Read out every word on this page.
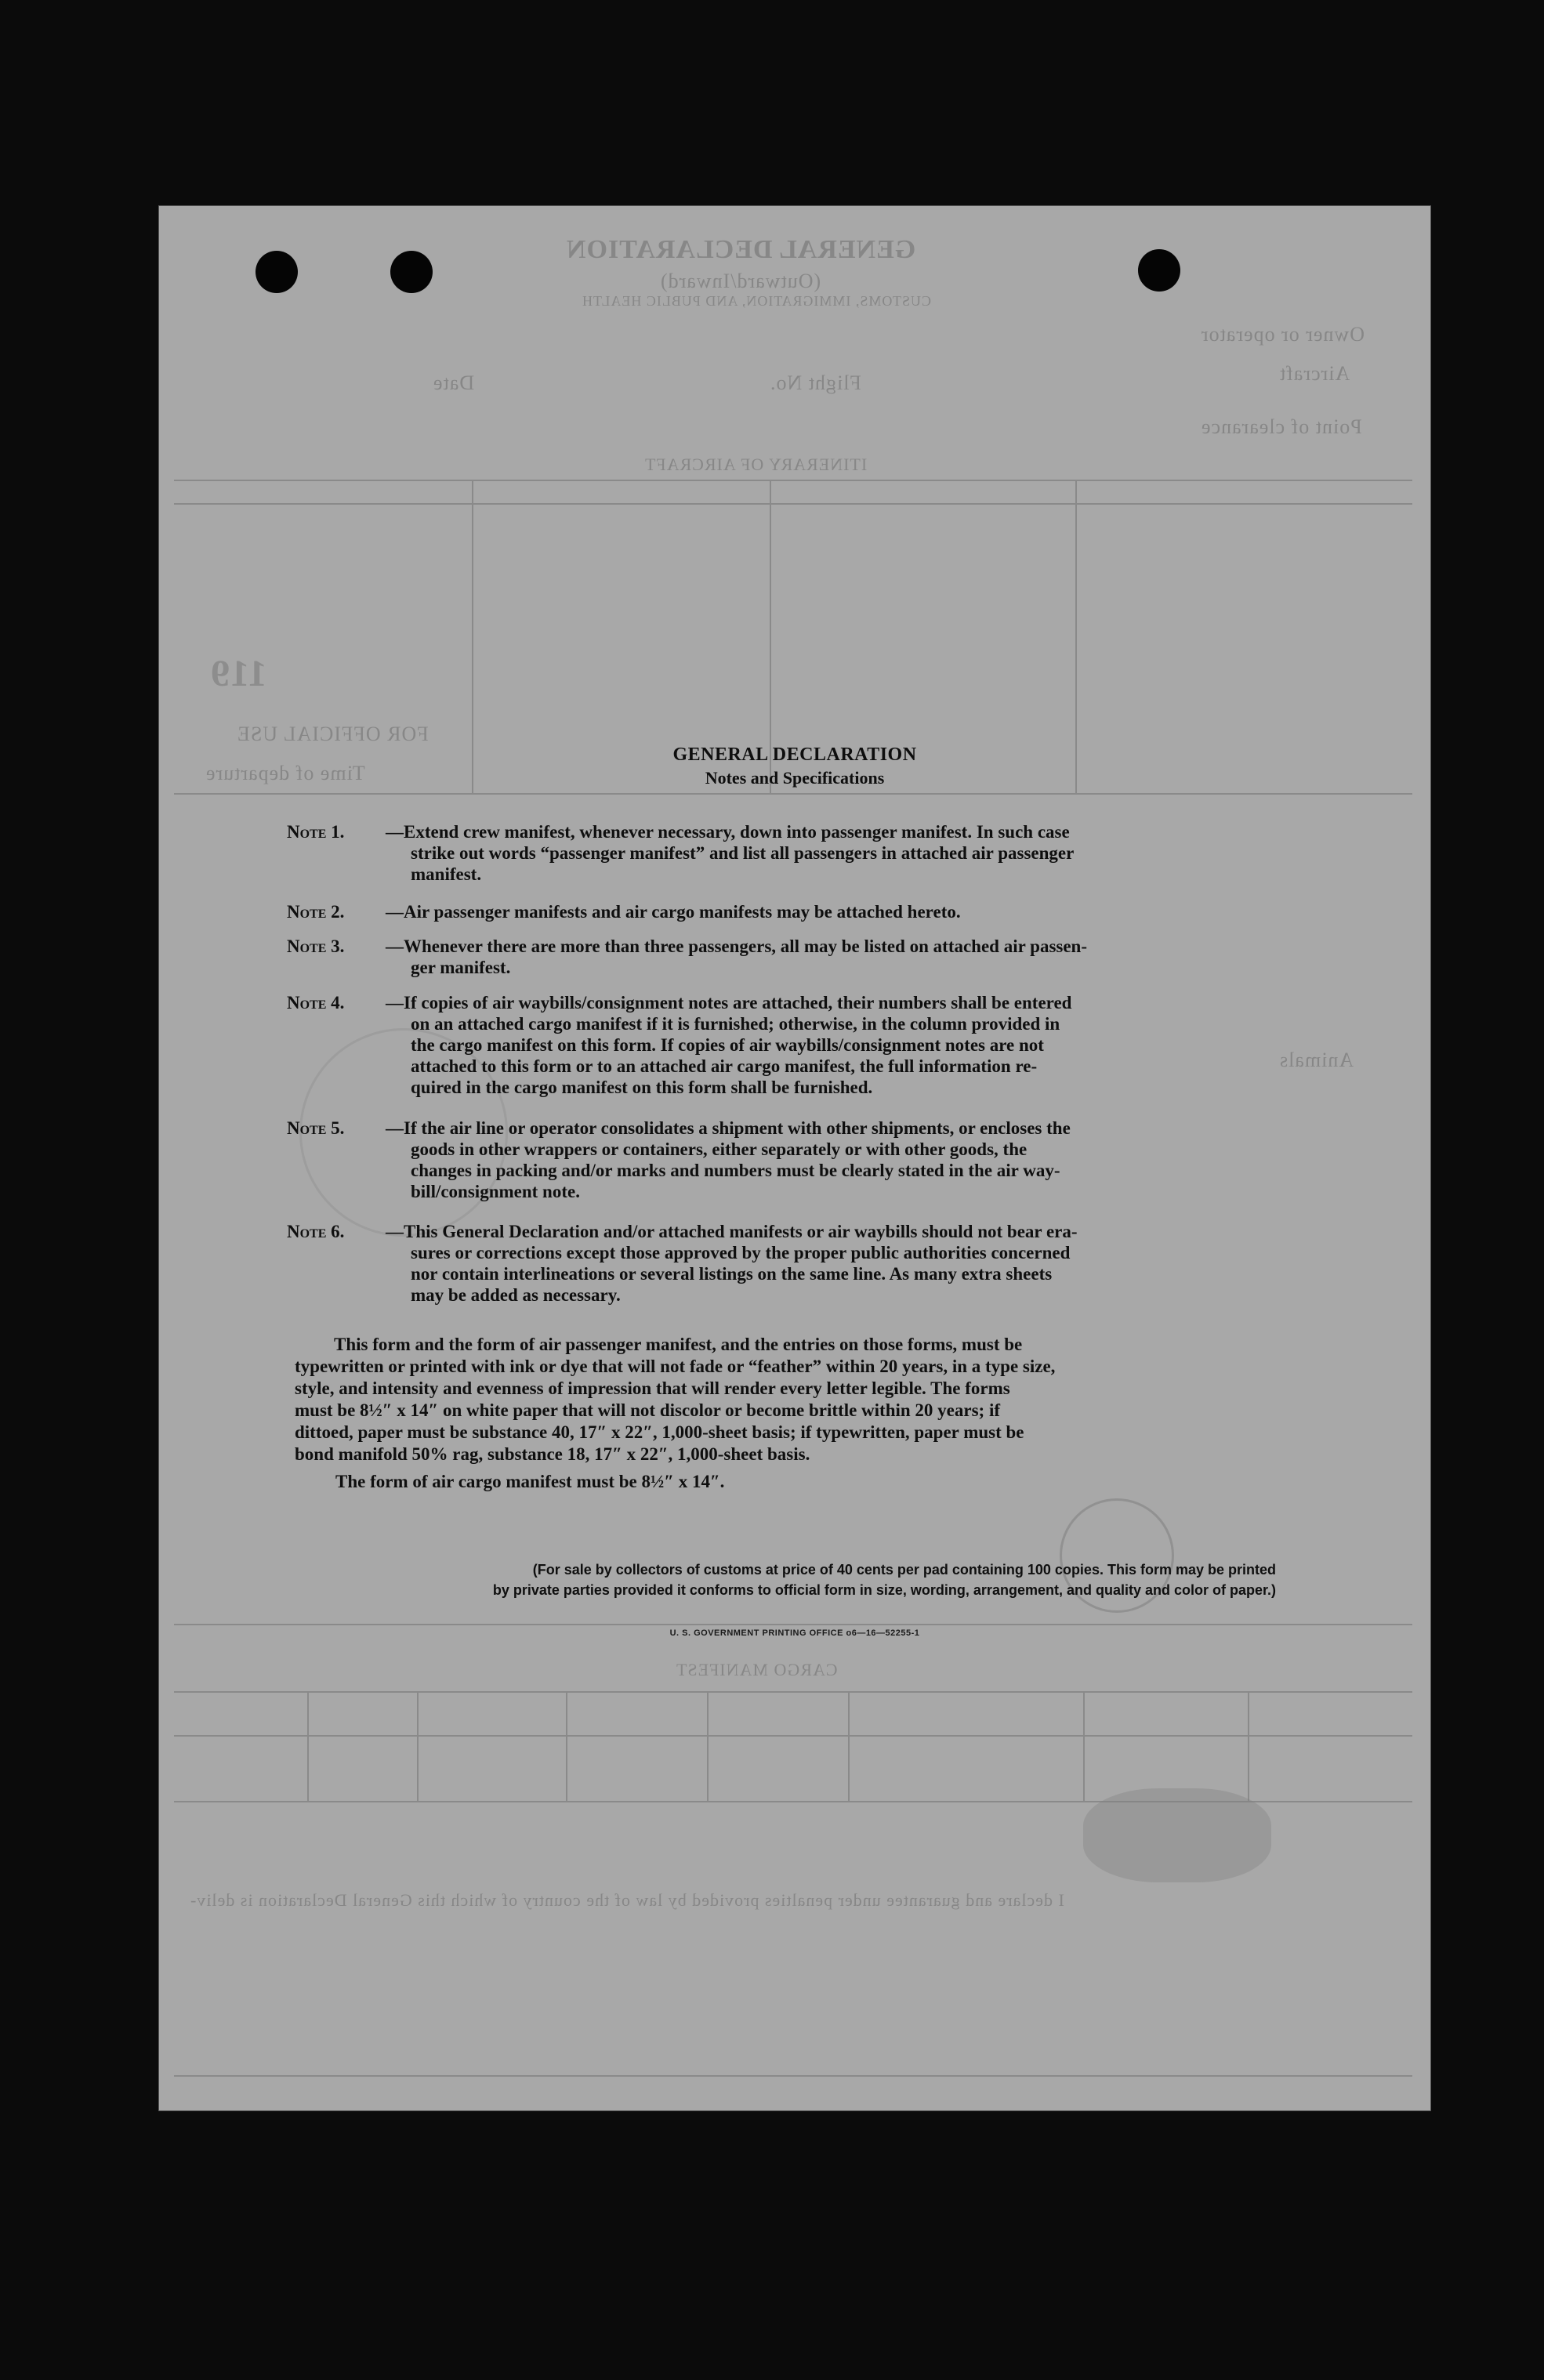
GENERAL DECLARATION
(Outward/Inward)
CUSTOMS, IMMIGRATION, AND PUBLIC HEALTH
Owner or operator
Aircraft
Flight No.
Date
Point of clearance
ITINERARY OF AIRCRAFT
119
FOR OFFICIAL USE
Time of departure
Animals
CARGO MANIFEST
I declare and guarantee under penalties provided by law of the country of which this General Declaration is deliv-
GENERAL DECLARATION
Notes and Specifications
Note 1. —Extend crew manifest, whenever necessary, down into passenger manifest. In such case
strike out words “passenger manifest” and list all passengers in attached air passenger
manifest.
Note 2. —Air passenger manifests and air cargo manifests may be attached hereto.
Note 3. —Whenever there are more than three passengers, all may be listed on attached air passen-
ger manifest.
Note 4. —If copies of air waybills/consignment notes are attached, their numbers shall be entered
on an attached cargo manifest if it is furnished; otherwise, in the column provided in
the cargo manifest on this form. If copies of air waybills/consignment notes are not
attached to this form or to an attached air cargo manifest, the full information re-
quired in the cargo manifest on this form shall be furnished.
Note 5. —If the air line or operator consolidates a shipment with other shipments, or encloses the
goods in other wrappers or containers, either separately or with other goods, the
changes in packing and/or marks and numbers must be clearly stated in the air way-
bill/consignment note.
Note 6. —This General Declaration and/or attached manifests or air waybills should not bear era-
sures or corrections except those approved by the proper public authorities concerned
nor contain interlineations or several listings on the same line. As many extra sheets
may be added as necessary.
This form and the form of air passenger manifest, and the entries on those forms, must be
typewritten or printed with ink or dye that will not fade or “feather” within 20 years, in a type size,
style, and intensity and evenness of impression that will render every letter legible. The forms
must be 8½″ x 14″ on white paper that will not discolor or become brittle within 20 years; if
dittoed, paper must be substance 40, 17″ x 22″, 1,000-sheet basis; if typewritten, paper must be
bond manifold 50% rag, substance 18, 17″ x 22″, 1,000-sheet basis.
The form of air cargo manifest must be 8½″ x 14″.
(For sale by collectors of customs at price of 40 cents per pad containing 100 copies. This form may be printed
by private parties provided it conforms to official form in size, wording, arrangement, and quality and color of paper.)
U. S. GOVERNMENT PRINTING OFFICE o6—16—52255-1
